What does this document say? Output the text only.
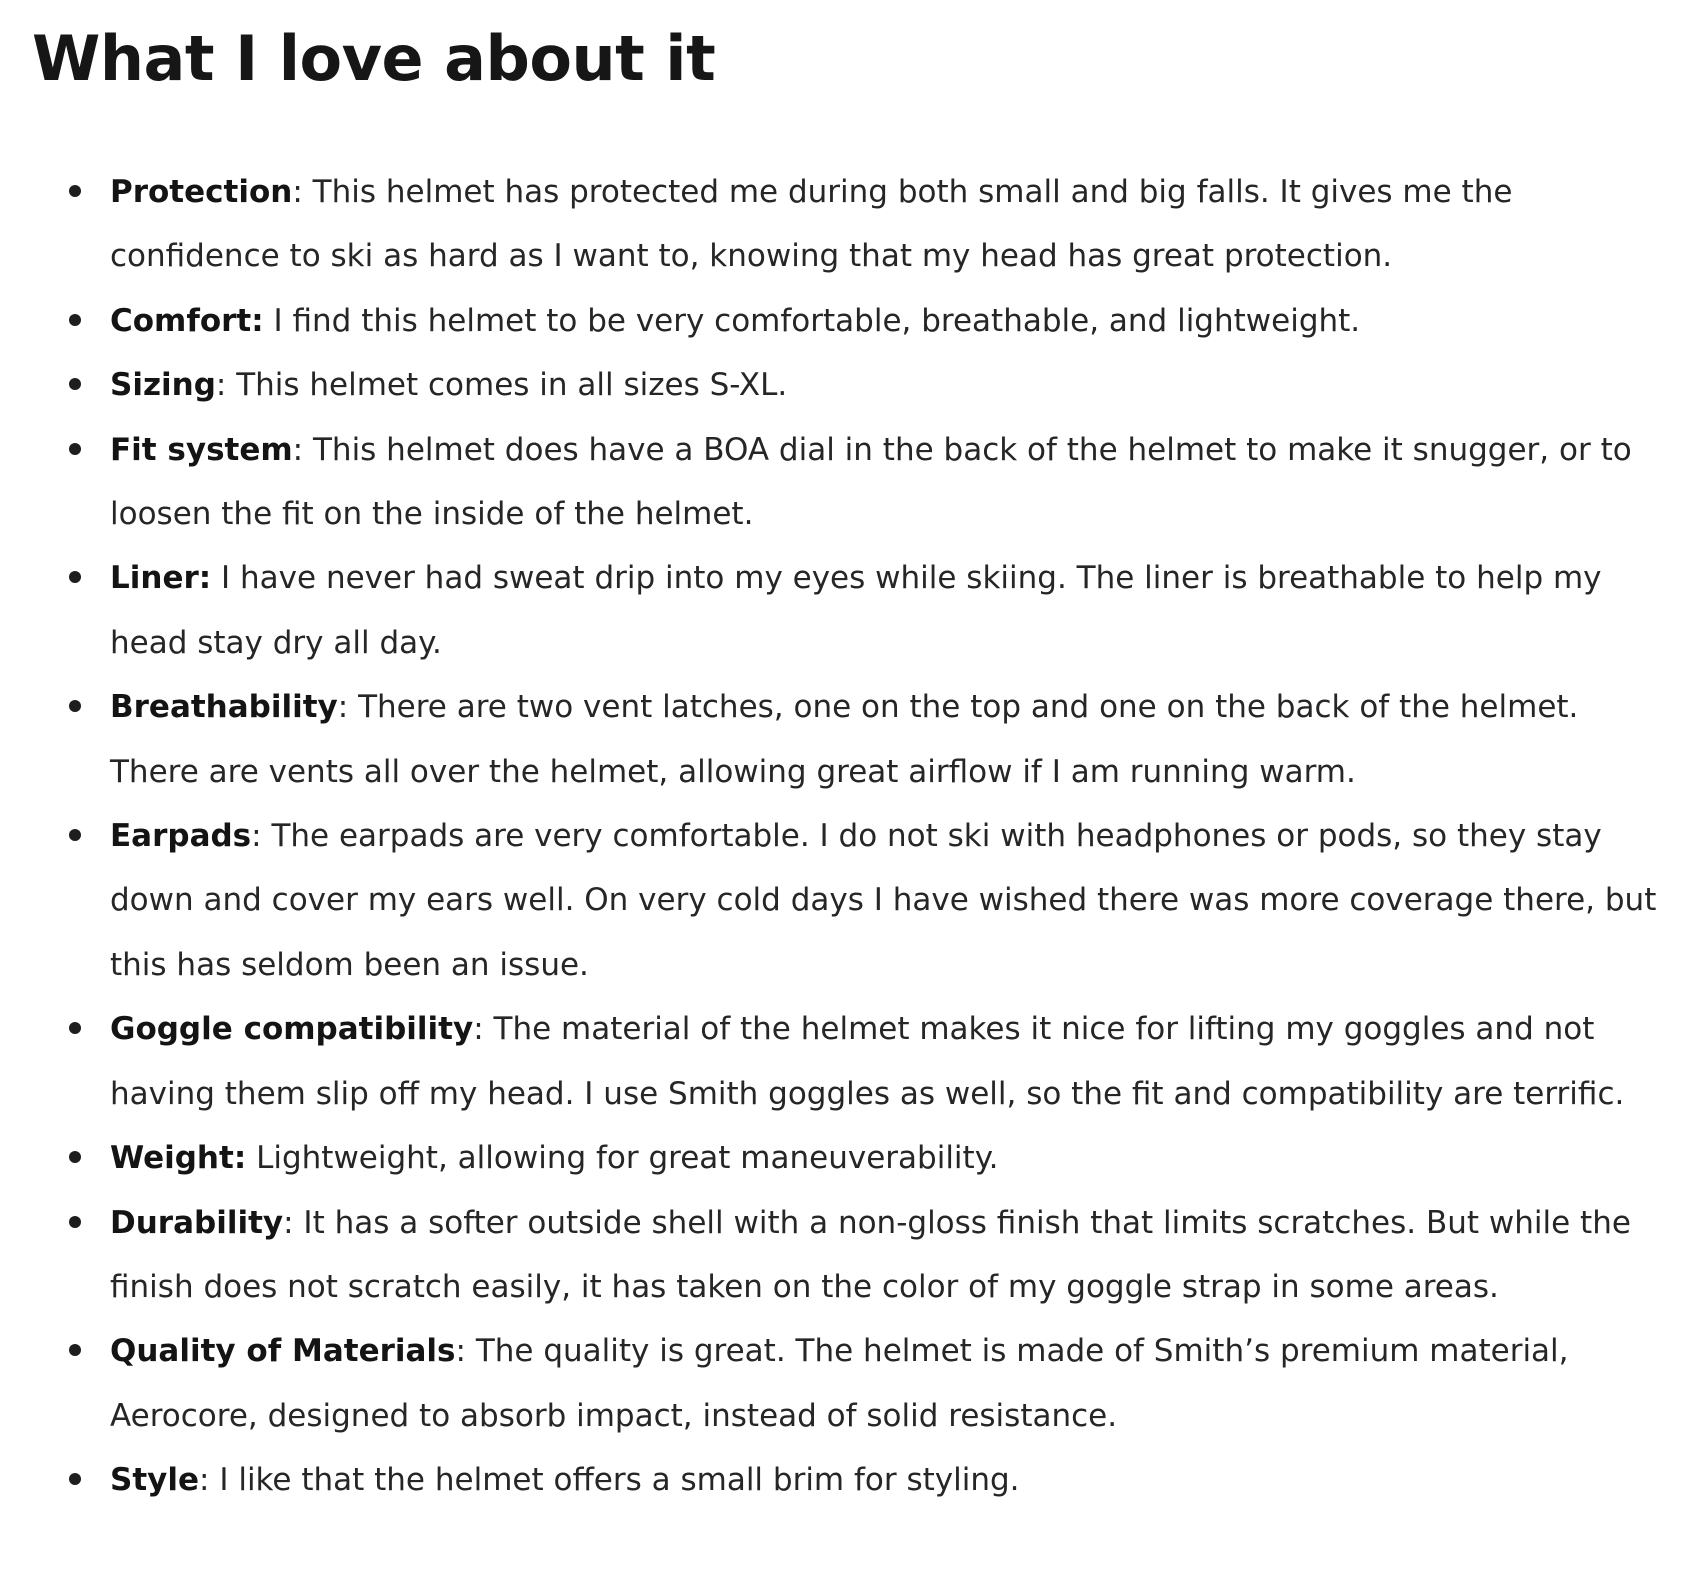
What I love about it
Protection: This helmet has protected me during both small and big falls. It gives me the confidence to ski as hard as I want to, knowing that my head has great protection.
Comfort: I find this helmet to be very comfortable, breathable, and lightweight.
Sizing: This helmet comes in all sizes S-XL.
Fit system: This helmet does have a BOA dial in the back of the helmet to make it snugger, or to loosen the fit on the inside of the helmet.
Liner: I have never had sweat drip into my eyes while skiing. The liner is breathable to help my head stay dry all day.
Breathability: There are two vent latches, one on the top and one on the back of the helmet. There are vents all over the helmet, allowing great airflow if I am running warm.
Earpads: The earpads are very comfortable. I do not ski with headphones or pods, so they stay down and cover my ears well. On very cold days I have wished there was more coverage there, but this has seldom been an issue.
Goggle compatibility: The material of the helmet makes it nice for lifting my goggles and not having them slip off my head. I use Smith goggles as well, so the fit and compatibility are terrific.
Weight: Lightweight, allowing for great maneuverability.
Durability: It has a softer outside shell with a non-gloss finish that limits scratches. But while the finish does not scratch easily, it has taken on the color of my goggle strap in some areas.
Quality of Materials: The quality is great. The helmet is made of Smith’s premium material, Aerocore, designed to absorb impact, instead of solid resistance.
Style: I like that the helmet offers a small brim for styling.
